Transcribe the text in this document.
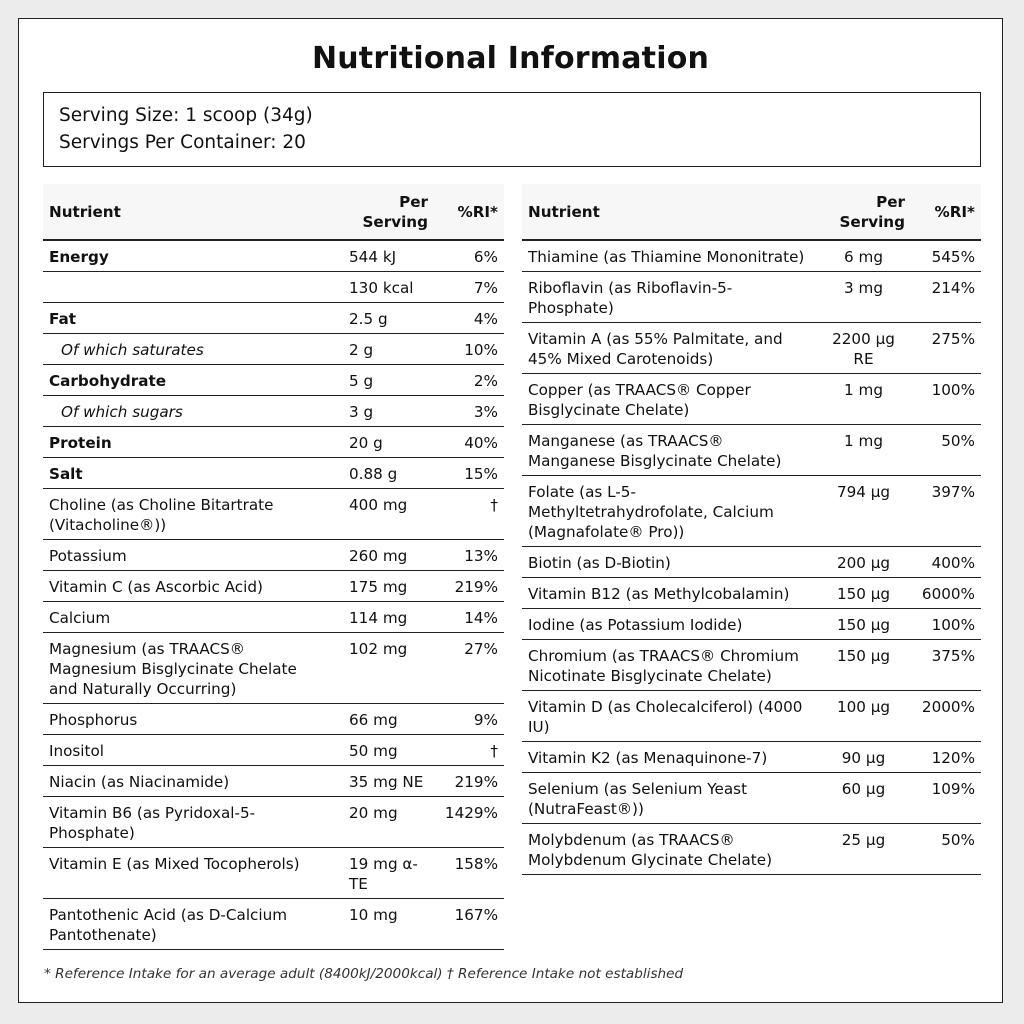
Nutritional Information
Serving Size: 1 scoop (34g)
Servings Per Container: 20
Nutrient	Per Serving	%RI*
Energy	544 kJ	6%
	130 kcal	7%
Fat	2.5 g	4%
Of which saturates	2 g	10%
Carbohydrate	5 g	2%
Of which sugars	3 g	3%
Protein	20 g	40%
Salt	0.88 g	15%
Choline (as Choline Bitartrate (Vitacholine®))	400 mg	†
Potassium	260 mg	13%
Vitamin C (as Ascorbic Acid)	175 mg	219%
Calcium	114 mg	14%
Magnesium (as TRAACS® Magnesium Bisglycinate Chelate and Naturally Occurring)	102 mg	27%
Phosphorus	66 mg	9%
Inositol	50 mg	†
Niacin (as Niacinamide)	35 mg NE	219%
Vitamin B6 (as Pyridoxal-5-Phosphate)	20 mg	1429%
Vitamin E (as Mixed Tocopherols)	19 mg α-TE	158%
Pantothenic Acid (as D-Calcium Pantothenate)	10 mg	167%
Nutrient	Per Serving	%RI*
Thiamine (as Thiamine Mononitrate)	6 mg	545%
Riboflavin (as Riboflavin-5-Phosphate)	3 mg	214%
Vitamin A (as 55% Palmitate, and 45% Mixed Carotenoids)	2200 μg RE	275%
Copper (as TRAACS® Copper Bisglycinate Chelate)	1 mg	100%
Manganese (as TRAACS® Manganese Bisglycinate Chelate)	1 mg	50%
Folate (as L-5-Methyltetrahydrofolate, Calcium (Magnafolate® Pro))	794 μg	397%
Biotin (as D-Biotin)	200 μg	400%
Vitamin B12 (as Methylcobalamin)	150 μg	6000%
Iodine (as Potassium Iodide)	150 μg	100%
Chromium (as TRAACS® Chromium Nicotinate Bisglycinate Chelate)	150 μg	375%
Vitamin D (as Cholecalciferol) (4000 IU)	100 μg	2000%
Vitamin K2 (as Menaquinone-7)	90 μg	120%
Selenium (as Selenium Yeast (NutraFeast®))	60 μg	109%
Molybdenum (as TRAACS® Molybdenum Glycinate Chelate)	25 μg	50%
* Reference Intake for an average adult (8400kJ/2000kcal) † Reference Intake not established
